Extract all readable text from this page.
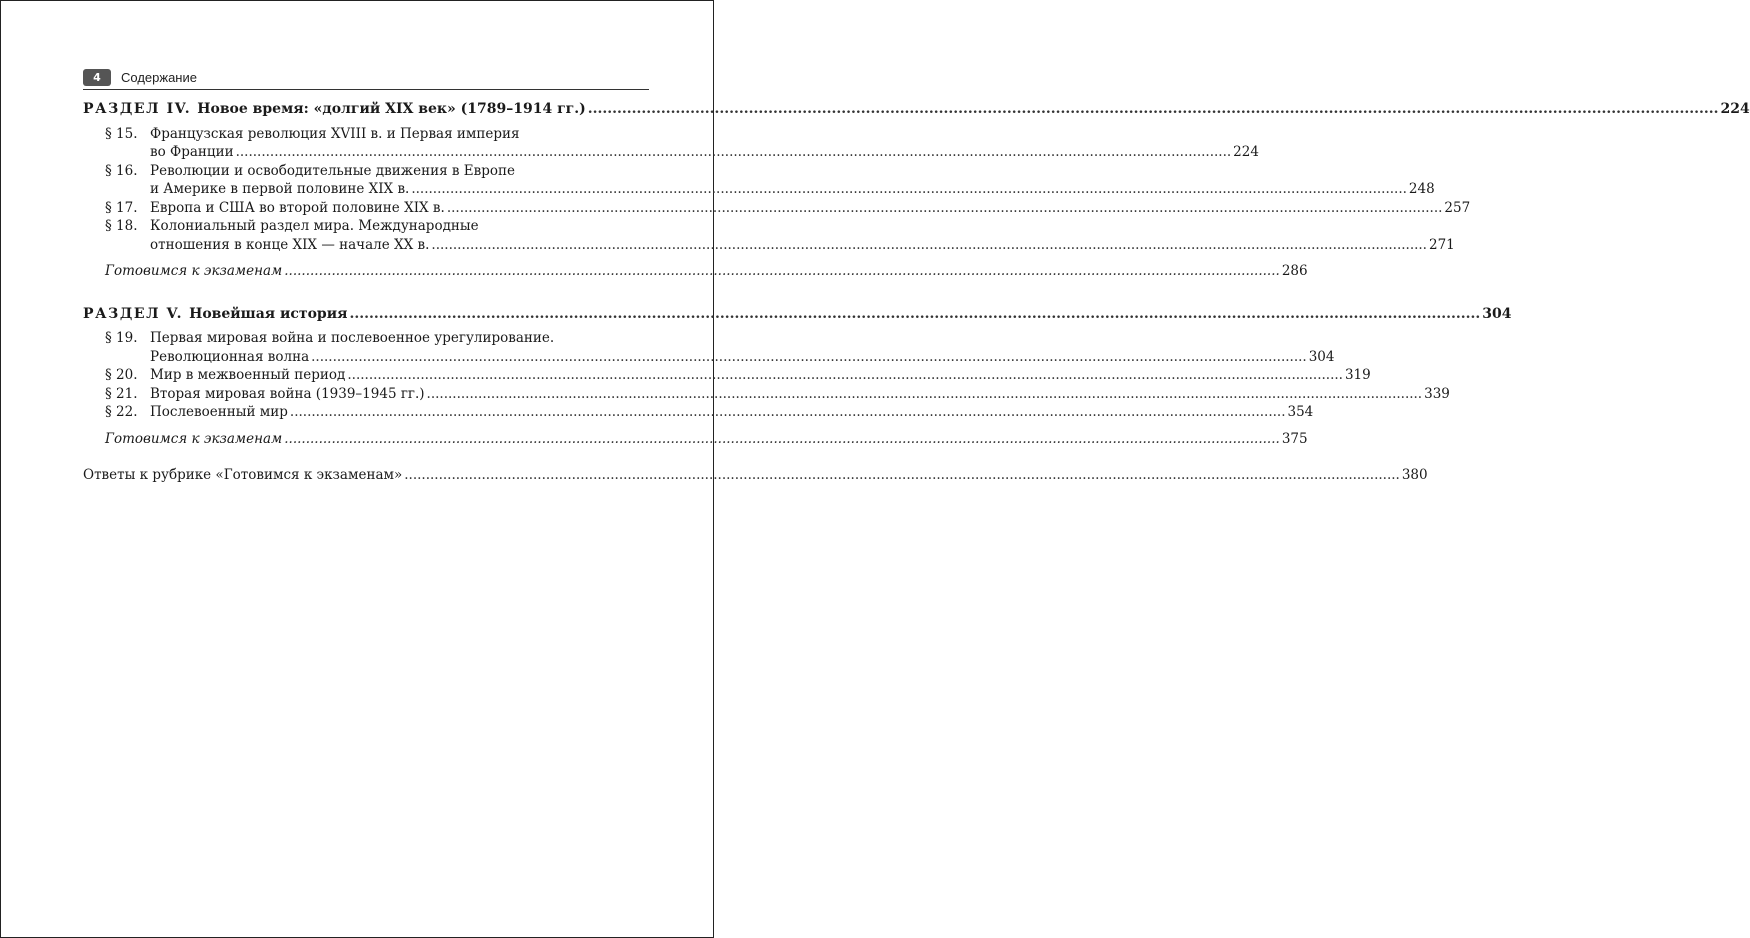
4	Содержание
РАЗДЕЛ IV. Новое время: «долгий XIX век» (1789–1914 гг.) .....	224
§ 15. Французская революция XVIII в. и Первая империя
во Франции .....	224
§ 16. Революции и освободительные движения в Европе
и Америке в первой половине XIX в. .....	248
§ 17. Европа и США во второй половине XIX в. .....	257
§ 18. Колониальный раздел мира. Международные
отношения в конце XIX — начале XX в. .....	271
Готовимся к экзаменам .....	286
РАЗДЕЛ V. Новейшая история .....	304
§ 19. Первая мировая война и послевоенное урегулирование.
Революционная волна .....	304
§ 20. Мир в межвоенный период .....	319
§ 21. Вторая мировая война (1939–1945 гг.) .....	339
§ 22. Послевоенный мир .....	354
Готовимся к экзаменам .....	375
Ответы к рубрике «Готовимся к экзаменам» .....	380
